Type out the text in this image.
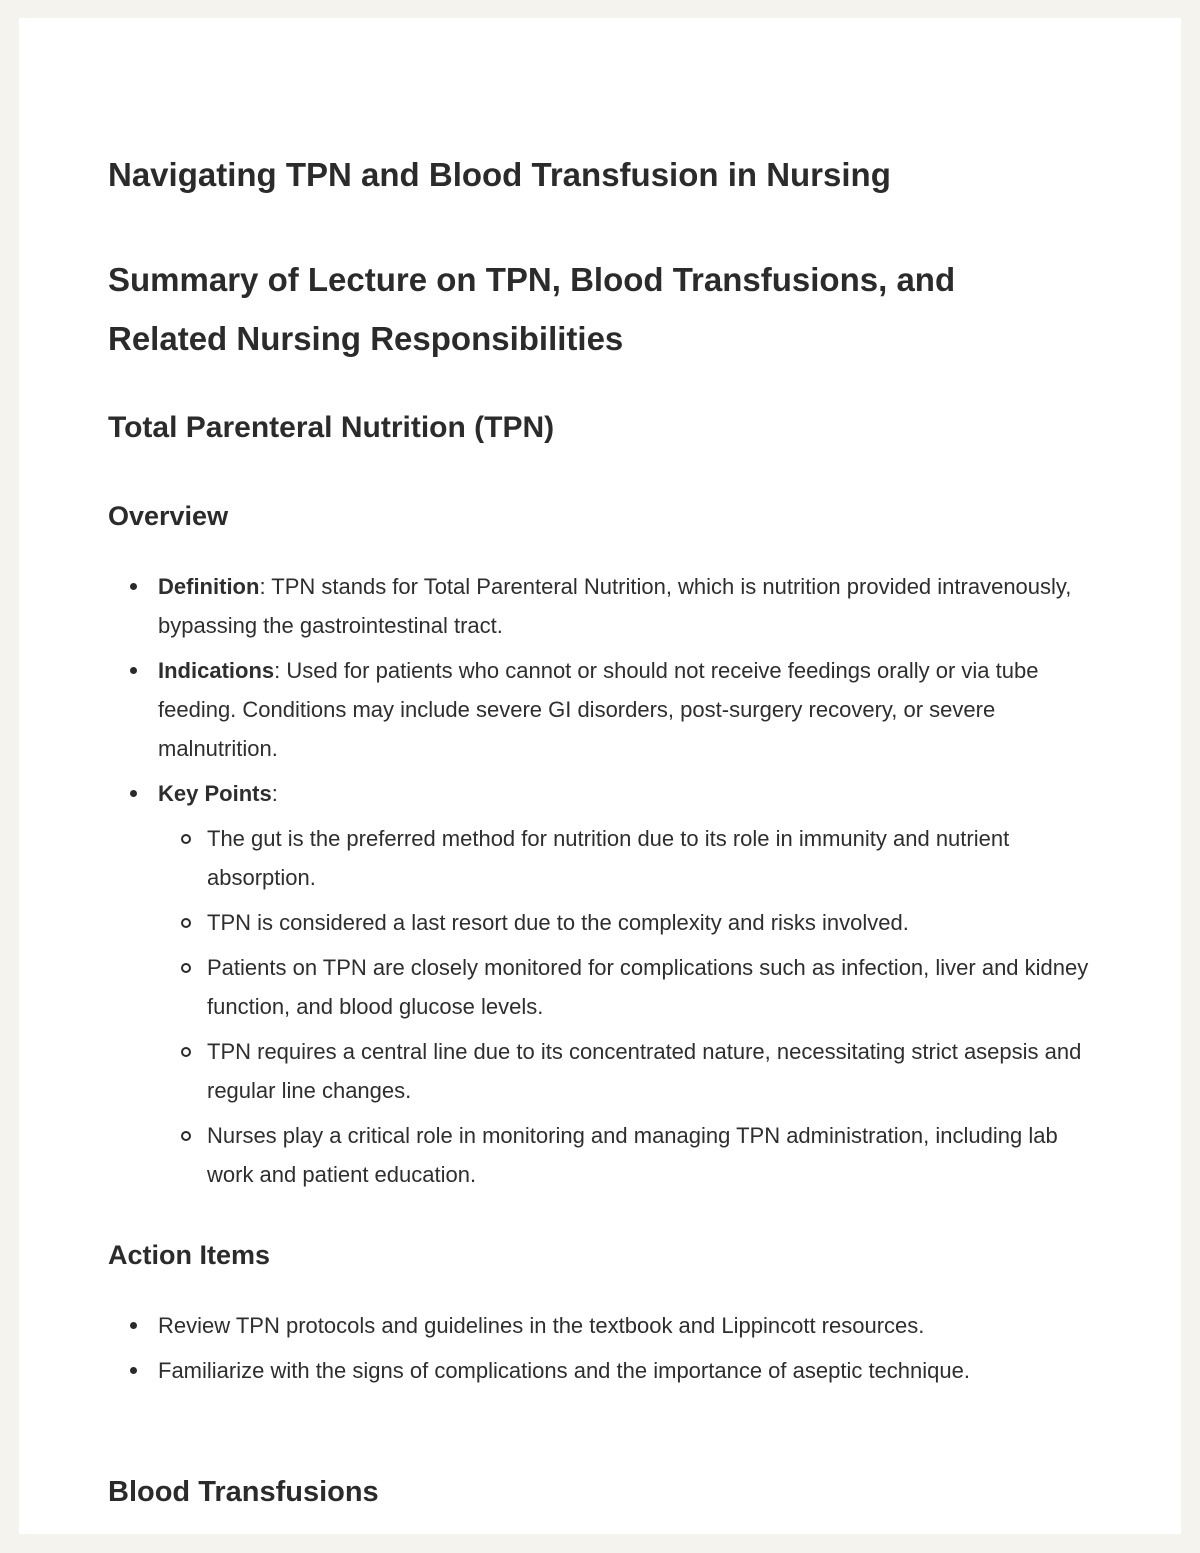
Navigating TPN and Blood Transfusion in Nursing
Summary of Lecture on TPN, Blood Transfusions, and Related Nursing Responsibilities
Total Parenteral Nutrition (TPN)
Overview
Definition: TPN stands for Total Parenteral Nutrition, which is nutrition provided intravenously, bypassing the gastrointestinal tract.
Indications: Used for patients who cannot or should not receive feedings orally or via tube feeding. Conditions may include severe GI disorders, post-surgery recovery, or severe malnutrition.
Key Points:
The gut is the preferred method for nutrition due to its role in immunity and nutrient absorption.
TPN is considered a last resort due to the complexity and risks involved.
Patients on TPN are closely monitored for complications such as infection, liver and kidney function, and blood glucose levels.
TPN requires a central line due to its concentrated nature, necessitating strict asepsis and regular line changes.
Nurses play a critical role in monitoring and managing TPN administration, including lab work and patient education.
Action Items
Review TPN protocols and guidelines in the textbook and Lippincott resources.
Familiarize with the signs of complications and the importance of aseptic technique.
Blood Transfusions
